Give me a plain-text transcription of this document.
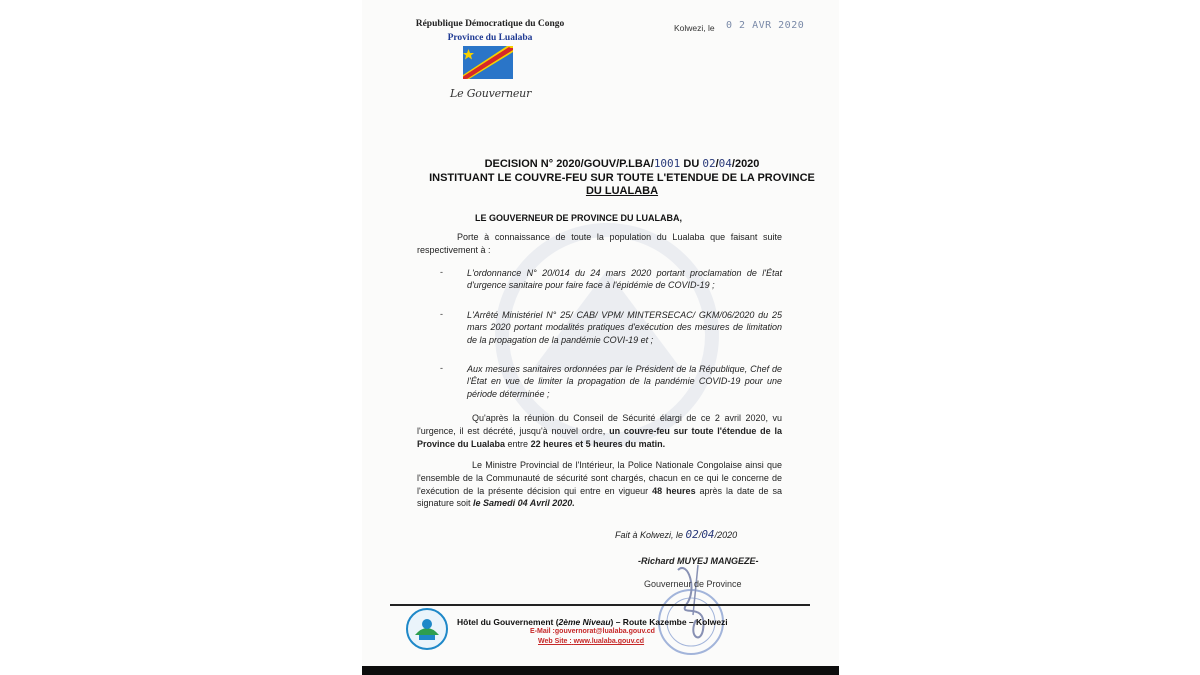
République Démocratique du Congo
Province du Lualaba
Le Gouverneur
Kolwezi, le 0 2 AVR 2020
DECISION N° 2020/GOUV/P.LBA/1001 DU 02/04/2020
INSTITUANT LE COUVRE-FEU SUR TOUTE L'ETENDUE DE LA PROVINCE
DU LUALABA
LE GOUVERNEUR DE PROVINCE DU LUALABA,
Porte à connaissance de toute la population du Lualaba que faisant suite respectivement à :
-	L'ordonnance N° 20/014 du 24 mars 2020 portant proclamation de l'État d'urgence sanitaire pour faire face à l'épidémie de COVID-19 ;
-	L'Arrêté Ministériel N° 25/ CAB/ VPM/ MINTERSECAC/ GKM/06/2020 du 25 mars 2020 portant modalités pratiques d'exécution des mesures de limitation de la propagation de la pandémie COVI-19 et ;
-	Aux mesures sanitaires ordonnées par le Président de la République, Chef de l'État en vue de limiter la propagation de la pandémie COVID-19 pour une période déterminée ;
Qu'après la réunion du Conseil de Sécurité élargi de ce 2 avril 2020, vu l'urgence, il est décrété, jusqu'à nouvel ordre, un couvre-feu sur toute l'étendue de la Province du Lualaba entre 22 heures et 5 heures du matin.
Le Ministre Provincial de l'Intérieur, la Police Nationale Congolaise ainsi que l'ensemble de la Communauté de sécurité sont chargés, chacun en ce qui le concerne de l'exécution de la présente décision qui entre en vigueur 48 heures après la date de sa signature soit le Samedi 04 Avril 2020.
Fait à Kolwezi, le 02/04/2020
-Richard MUYEJ MANGEZE-
Gouverneur de Province
Hôtel du Gouvernement (2ème Niveau) – Route Kazembe – Kolwezi
E-Mail :gouvernorat@lualaba.gouv.cd
Web Site : www.lualaba.gouv.cd
